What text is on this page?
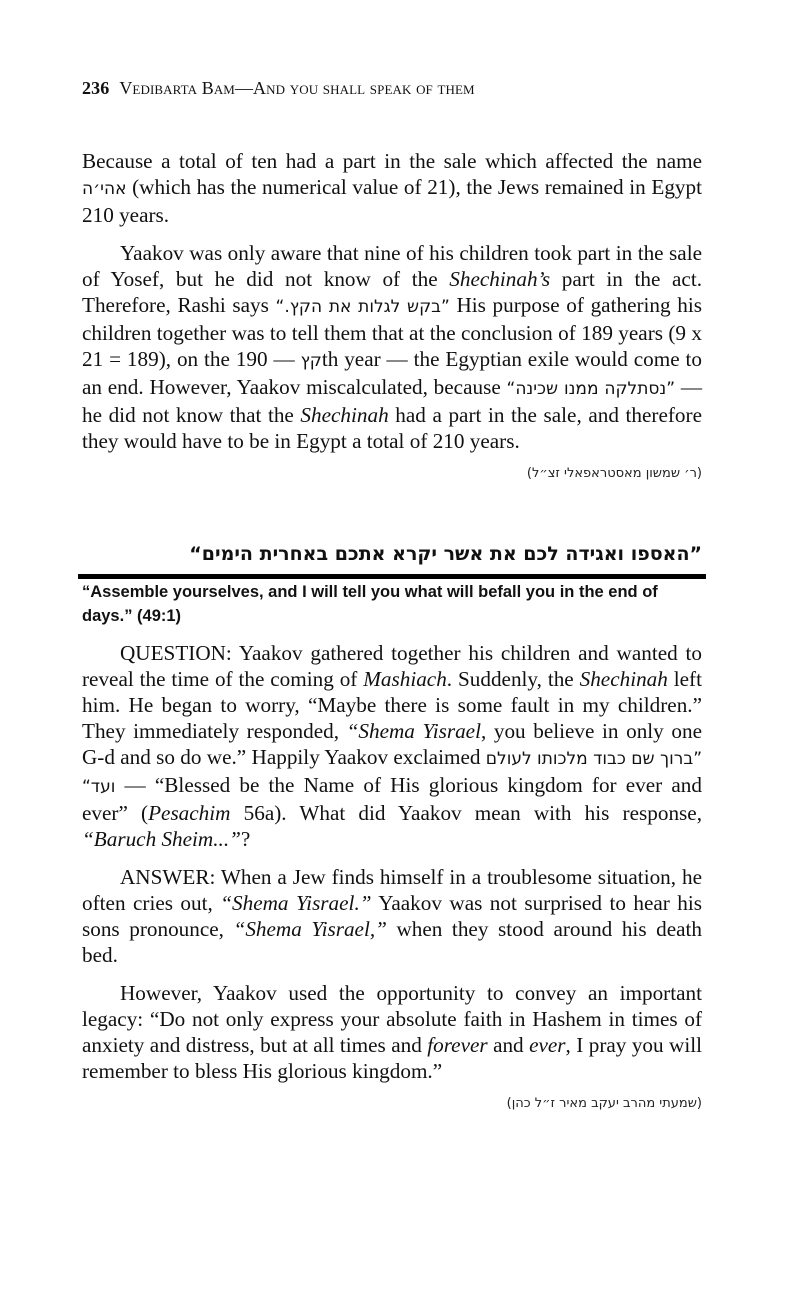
236 Vedibarta Bam—And you shall speak of them

Because a total of ten had a part in the sale which affected the name אהי׳ה (which has the numerical value of 21), the Jews remained in Egypt 210 years.

Yaakov was only aware that nine of his children took part in the sale of Yosef, but he did not know of the Shechinah’s part in the act. Therefore, Rashi says ”בקש לגלות את הקץ.“ His purpose of gathering his children together was to tell them that at the conclusion of 189 years (9 x 21 = 189), on the	קץ — 190th year — the Egyptian exile would come to an end. However, Yaakov miscalculated, because ”נסתלקה ממנו שכינה“ — he did not know that the Shechinah had a part in the sale, and therefore they would have to be in Egypt a total of 210 years.

(ר׳ שמשון מאסטראפאלי זצ״ל)

”האספו ואגידה לכם את אשר יקרא אתכם באחרית הימים“
“Assemble yourselves, and I will tell you what will befall you in the end of days.” (49:1)

QUESTION: Yaakov gathered together his children and wanted to reveal the time of the coming of Mashiach. Suddenly, the Shechinah left him. He began to worry, “Maybe there is some fault in my children.” They immediately responded, “Shema Yisrael, you believe in only one G-d and so do we.” Happily Yaakov exclaimed ”ברוך שם כבוד מלכותו לעולם ועד“ — “Blessed be the Name of His glorious kingdom for ever and ever” (Pesachim 56a). What did Yaakov mean with his response, “Baruch Sheim...”?

ANSWER: When a Jew finds himself in a troublesome situation, he often cries out, “Shema Yisrael.” Yaakov was not surprised to hear his sons pronounce, “Shema Yisrael,” when they stood around his death bed.

However, Yaakov used the opportunity to convey an important legacy: “Do not only express your absolute faith in Hashem in times of anxiety and distress, but at all times and forever and ever, I pray you will remember to bless His glorious kingdom.”

(שמעתי מהרב יעקב מאיר ז״ל כהן)
